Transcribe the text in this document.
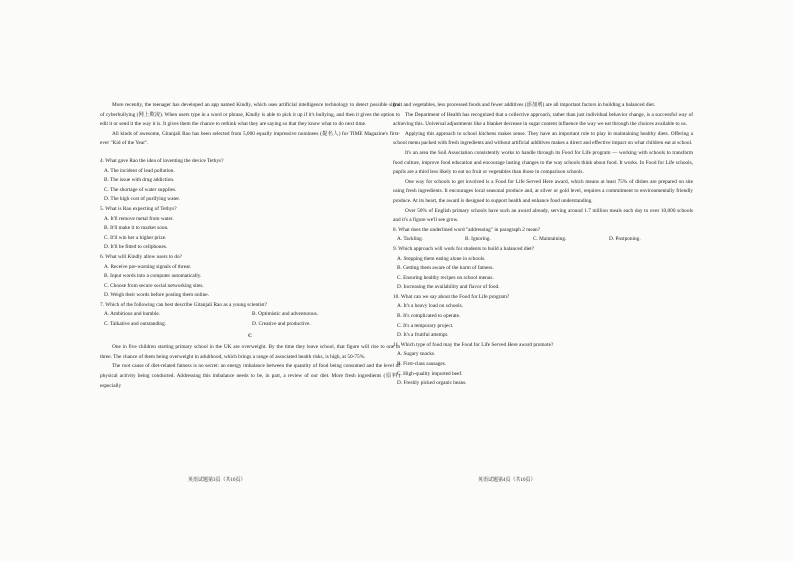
More recently, the teenager has developed an app named Kindly, which uses artificial intelligence technology to detect possible signs of cyberbullying (网上欺凌). When users type in a word or phrase, Kindly is able to pick it up if it's bullying, and then it gives the option to edit it or send it the way it is. It gives them the chance to rethink what they are saying so that they know what to do next time.

All kinds of awesome, Gitanjali Rao has been selected from 5,000 equally impressive nominees (提名人) for TIME Magazine's first-ever "Kid of the Year".

4. What gave Rao the idea of inventing the device Tethys?

A. The incident of lead pollution.

B. The issue with drug addiction.

C. The shortage of water supplies.

D. The high cost of purifying water.

5. What is Rao expecting of Tethys?

A. It'll remove metal from water.

B. It'll make it to market soon.

C. It'll win her a higher prize.

D. It'll be fitted to cellphones.

6. What will Kindly allow users to do?

A. Receive pre-warning signals of threat.

B. Input words into a computer automatically.

C. Choose from secure social networking sites.

D. Weigh their words before posting them online.

7. Which of the following can best describe Gitanjali Rao as a young scientist?

A. Ambitious and humble.	B. Optimistic and adventurous.
C. Talkative and outstanding.	D. Creative and productive.
C

One in five children starting primary school in the UK are overweight. By the time they leave school, that figure will rise to one in three. The chance of them being overweight in adulthood, which brings a range of associated health risks, is high, at 50-75%.

The root cause of diet-related fatness is no secret: an energy imbalance between the quantity of food being consumed and the level of physical activity being conducted. Addressing this imbalance needs to be, in part, a review of our diet. More fresh ingredients (原料) especially

英语试题第3页（共10页）

fruit and vegetables, less processed foods and fewer additives (添加剂) are all important factors in building a balanced diet.

The Department of Health has recognized that a collective approach, rather than just individual behavior change, is a successful way of achieving this. Universal adjustments like a blanket decrease in sugar content influence the way we eat through the choices available to us.

Applying this approach to school kitchens makes sense. They have an important role to play in maintaining healthy diets. Offering a school menu packed with fresh ingredients and without artificial additives makes a direct and effective impact on what children eat at school.

It's an area the Soil Association consistently works to handle through its Food for Life program — working with schools to transform food culture, improve food education and encourage lasting changes to the way schools think about food. It works. In Food for Life schools, pupils are a third less likely to eat no fruit or vegetables than those in comparison schools.

One way for schools to get involved is a Food for Life Served Here award, which means at least 75% of dishes are prepared on site using fresh ingredients. It encourages local seasonal produce and, at silver or gold level, requires a commitment to environmentally friendly produce. At its heart, the award is designed to support health and enhance food understanding.

Over 50% of English primary schools have such an award already, serving around 1.7 million meals each day to over 10,000 schools and it's a figure we'll see grow.

8. What does the underlined word "addressing" in paragraph 2 mean?

A. Tackling.	B. Ignoring.	C. Maintaining.	D. Postponing.

9. Which approach will work for students to build a balanced diet?

A. Stopping them eating alone in schools.

B. Getting them aware of the harm of fatness.

C. Ensuring healthy recipes on school menus.

D. Increasing the availability and flavor of food.

10. What can we say about the Food for Life program?

A. It's a heavy load on schools.

B. It's complicated to operate.

C. It's a temporary project.

D. It's a fruitful attempt.

11. Which type of food may the Food for Life Served Here award promote?

A. Sugary snacks.

B. First-class sausages.

C. High-quality imported beef.

D. Freshly picked organic beans.

英语试题第4页（共10页）
